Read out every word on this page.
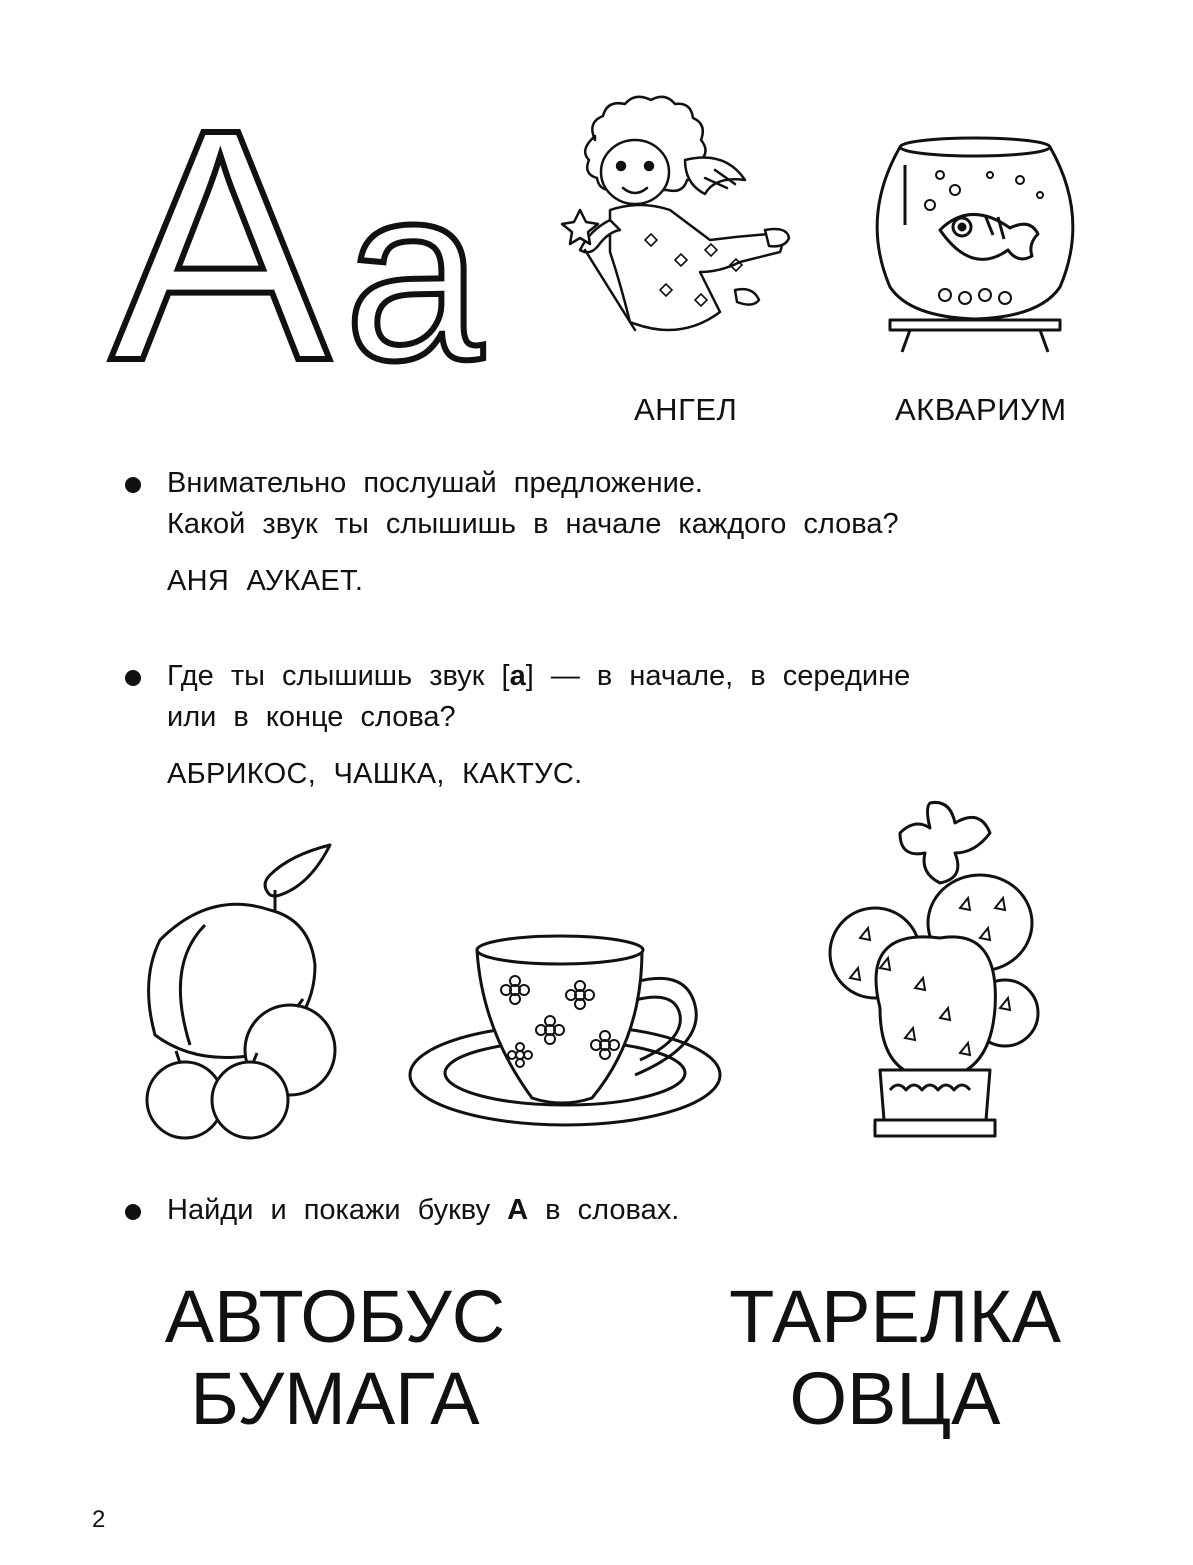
Аа	АНГЕЛ	АКВАРИУМ
Внимательно послушай предложение.
Какой звук ты слышишь в начале каждого слова?
АНЯ АУКАЕТ.
Где ты слышишь звук [а] — в начале, в середине
или в конце слова?
АБРИКОС, ЧАШКА, КАКТУС.
Найди и покажи букву А в словах.
АВТОБУС
БУМАГА
ТАРЕЛКА
ОВЦА
2
